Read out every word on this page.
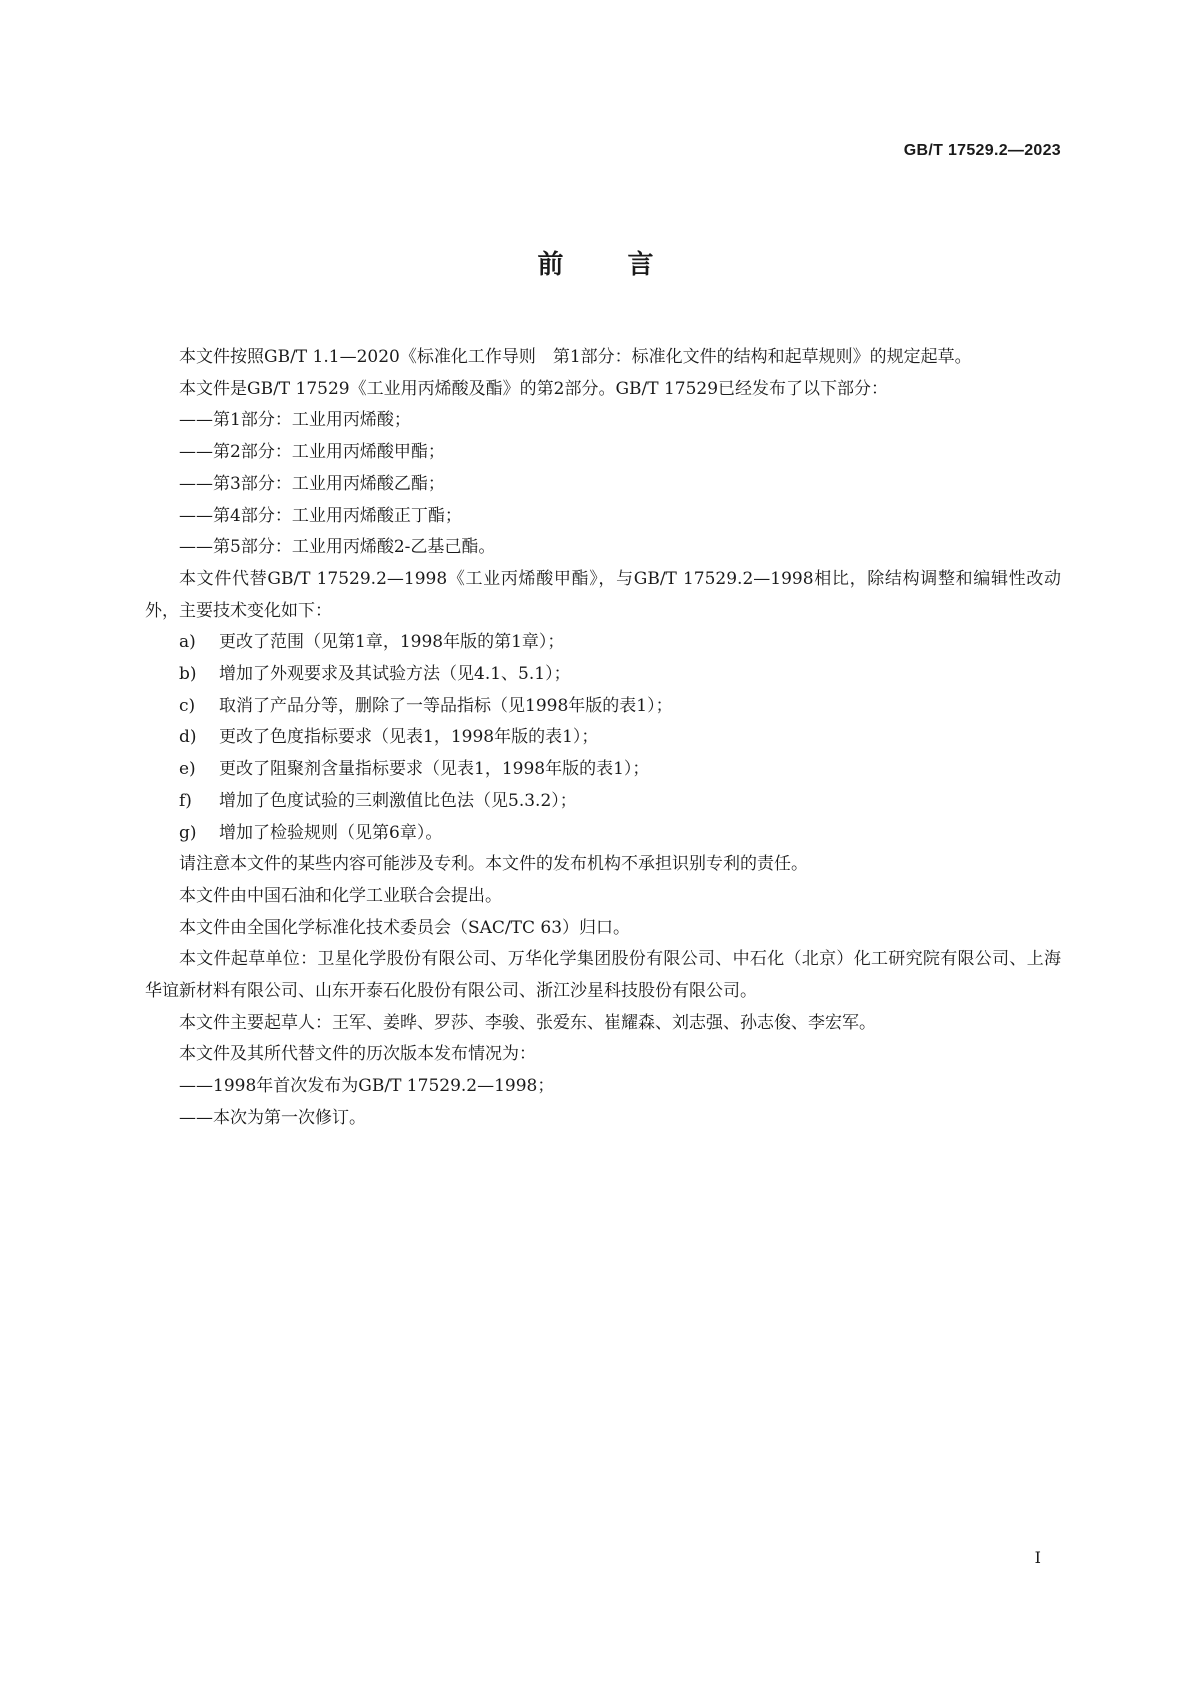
GB/T 17529.2—2023
前言

本文件按照GB/T 1.1—2020《标准化工作导则　第1部分：标准化文件的结构和起草规则》的规定起草。

本文件是GB/T 17529《工业用丙烯酸及酯》的第2部分。GB/T 17529已经发布了以下部分：

——第1部分：工业用丙烯酸；

——第2部分：工业用丙烯酸甲酯；

——第3部分：工业用丙烯酸乙酯；

——第4部分：工业用丙烯酸正丁酯；

——第5部分：工业用丙烯酸2-乙基己酯。

本文件代替GB/T 17529.2—1998《工业丙烯酸甲酯》，与GB/T 17529.2—1998相比，除结构调整和编辑性改动外，主要技术变化如下：

a)	更改了范围（见第1章，1998年版的第1章）；

b)	增加了外观要求及其试验方法（见4.1、5.1）；

c)	取消了产品分等，删除了一等品指标（见1998年版的表1）；

d)	更改了色度指标要求（见表1，1998年版的表1）；

e)	更改了阻聚剂含量指标要求（见表1，1998年版的表1）；

f)	增加了色度试验的三刺激值比色法（见5.3.2）；

g)	增加了检验规则（见第6章）。

请注意本文件的某些内容可能涉及专利。本文件的发布机构不承担识别专利的责任。

本文件由中国石油和化学工业联合会提出。

本文件由全国化学标准化技术委员会（SAC/TC 63）归口。

本文件起草单位：卫星化学股份有限公司、万华化学集团股份有限公司、中石化（北京）化工研究院有限公司、上海华谊新材料有限公司、山东开泰石化股份有限公司、浙江沙星科技股份有限公司。

本文件主要起草人：王军、姜晔、罗莎、李骏、张爱东、崔耀森、刘志强、孙志俊、李宏军。

本文件及其所代替文件的历次版本发布情况为：

——1998年首次发布为GB/T 17529.2—1998；

——本次为第一次修订。

I
